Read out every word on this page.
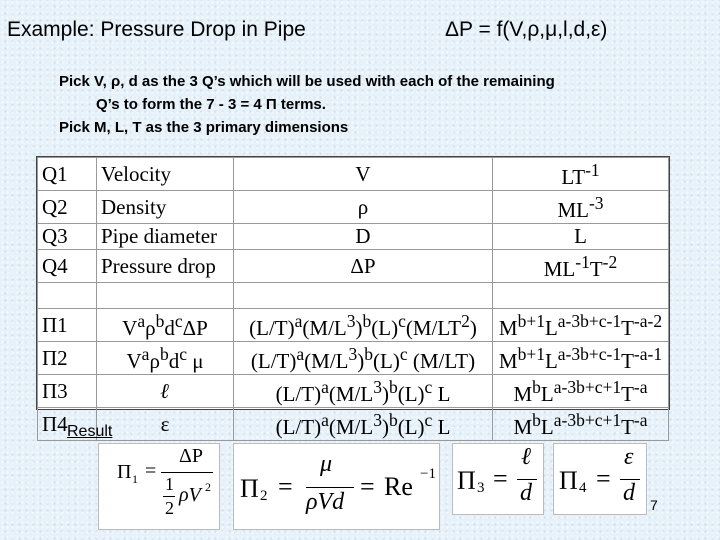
Example: Pressure Drop in Pipe	ΔP = f(V,ρ,μ,l,d,ε)
Pick V, ρ, d as the 3 Q’s which will be used with each of the remaining
Q’s to form the 7 - 3 = 4 Π terms.
Pick M, L, T as the 3 primary dimensions
Q1	Velocity	V	$LT^{-1}$
Q2	Density	ρ	$ML^{-3}$
Q3	Pipe diameter	D	L
Q4	Pressure drop	ΔP	$ML^{-1}T^{-2}$

Π1	$V^a\rho^bd^c\Delta P$	$(L/T)^a(M/L^3)^b(L)^c(M/LT^2)$	$M^{b+1}L^{a-3b+c-1}T^{-a-2}$
Π2	$V^a\rho^bd^c$ μ	$(L/T)^a(M/L^3)^b(L)^c$ (M/LT)	$M^{b+1}L^{a-3b+c-1}T^{-a-1}$
Π3	ℓ	$(L/T)^a(M/L^3)^b(L)^c$ L	$M^bL^{a-3b+c+1}T^{-a}$
Π4	ε	$(L/T)^a(M/L^3)^b(L)^c$ L	$M^bL^{a-3b+c+1}T^{-a}$
Result
Π 1 =
ΔP
1
2
ρV 2 Π 2 =
μ
ρVd
= Re −1 Π 3 =
ℓ
d Π 4 =
ε
d 7
